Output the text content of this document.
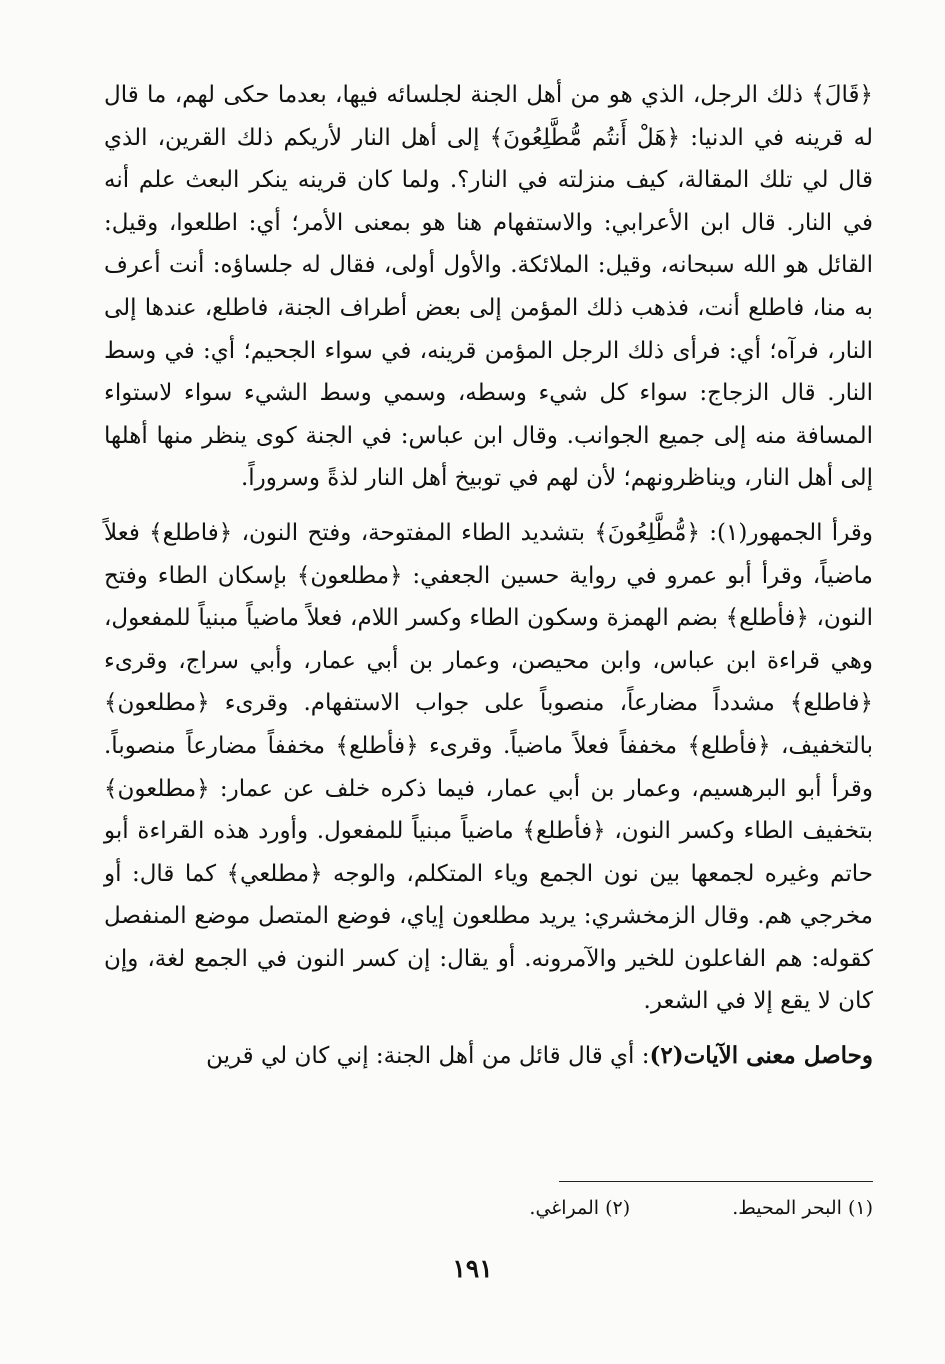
﴿قَالَ﴾ ذلك الرجل، الذي هو من أهل الجنة لجلسائه فيها، بعدما حكى لهم، ما قال له قرينه في الدنيا: ﴿هَلْ أَنتُم مُّطَّلِعُونَ﴾ إلى أهل النار لأريكم ذلك القرين، الذي قال لي تلك المقالة، كيف منزلته في النار؟. ولما كان قرينه ينكر البعث علم أنه في النار. قال ابن الأعرابي: والاستفهام هنا هو بمعنى الأمر؛ أي: اطلعوا، وقيل: القائل هو الله سبحانه، وقيل: الملائكة. والأول أولى، فقال له جلساؤه: أنت أعرف به منا، فاطلع أنت، فذهب ذلك المؤمن إلى بعض أطراف الجنة، فاطلع، عندها إلى النار، فرآه؛ أي: فرأى ذلك الرجل المؤمن قرينه، في سواء الجحيم؛ أي: في وسط النار. قال الزجاج: سواء كل شيء وسطه، وسمي وسط الشيء سواء لاستواء المسافة منه إلى جميع الجوانب. وقال ابن عباس: في الجنة كوى ينظر منها أهلها إلى أهل النار، ويناظرونهم؛ لأن لهم في توبيخ أهل النار لذةً وسروراً.

وقرأ الجمهور(١): ﴿مُّطَّلِعُونَ﴾ بتشديد الطاء المفتوحة، وفتح النون، ﴿فاطلع﴾ فعلاً ماضياً، وقرأ أبو عمرو في رواية حسين الجعفي: ﴿مطلعون﴾ بإسكان الطاء وفتح النون، ﴿فأطلع﴾ بضم الهمزة وسكون الطاء وكسر اللام، فعلاً ماضياً مبنياً للمفعول، وهي قراءة ابن عباس، وابن محيصن، وعمار بن أبي عمار، وأبي سراج، وقرىء ﴿فاطلع﴾ مشدداً مضارعاً، منصوباً على جواب الاستفهام. وقرىء ﴿مطلعون﴾ بالتخفيف، ﴿فأطلع﴾ مخففاً فعلاً ماضياً. وقرىء ﴿فأطلع﴾ مخففاً مضارعاً منصوباً. وقرأ أبو البرهسيم، وعمار بن أبي عمار، فيما ذكره خلف عن عمار: ﴿مطلعون﴾ بتخفيف الطاء وكسر النون، ﴿فأطلع﴾ ماضياً مبنياً للمفعول. وأورد هذه القراءة أبو حاتم وغيره لجمعها بين نون الجمع وياء المتكلم، والوجه ﴿مطلعي﴾ كما قال: أو مخرجي هم. وقال الزمخشري: يريد مطلعون إياي، فوضع المتصل موضع المنفصل كقوله: هم الفاعلون للخير والآمرونه. أو يقال: إن كسر النون في الجمع لغة، وإن كان لا يقع إلا في الشعر.

وحاصل معنى الآيات(٢): أي قال قائل من أهل الجنة: إني كان لي قرين

(١) البحر المحيط. (٢) المراغي.
١٩١
